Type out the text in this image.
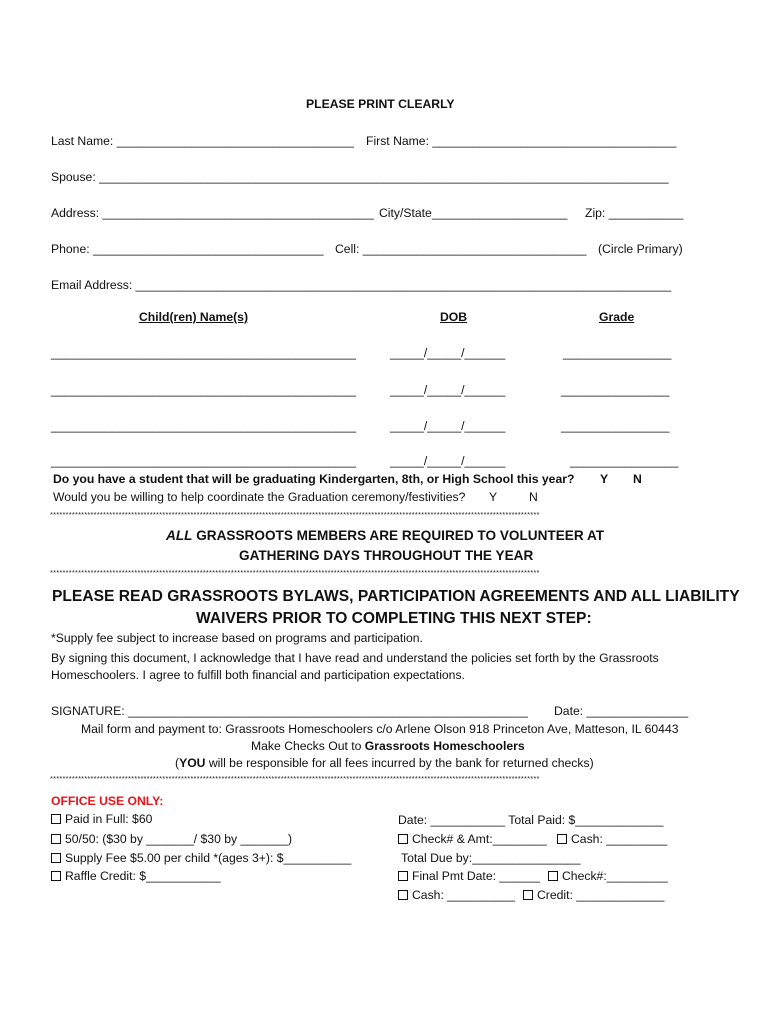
PLEASE PRINT CLEARLY
Last Name: ___________________________________ First Name: ____________________________________
Spouse: ____________________________________________________________________________________
Address: ________________________________________ City/State____________________ Zip: ___________
Phone: __________________________________ Cell: _________________________________ (Circle Primary)
Email Address: _______________________________________________________________________________
Child(ren) Name(s)	DOB	Grade
_____________________________________________	_____/_____/______	________________
_____________________________________________	_____/_____/______	________________
_____________________________________________	_____/_____/______	________________
_____________________________________________	_____/_____/______	________________
Do you have a student that will be graduating Kindergarten, 8th, or High School this year? Y N
Would you be willing to help coordinate the Graduation ceremony/festivities? Y	N
*************************************************************************************************************************************************************
ALL GRASSROOTS MEMBERS ARE REQUIRED TO VOLUNTEER AT
GATHERING DAYS THROUGHOUT THE YEAR
*************************************************************************************************************************************************************
PLEASE READ GRASSROOTS BYLAWS, PARTICIPATION AGREEMENTS AND ALL LIABILITY
WAIVERS PRIOR TO COMPLETING THIS NEXT STEP:
*Supply fee subject to increase based on programs and participation.
By signing this document, I acknowledge that I have read and understand the policies set forth by the Grassroots
Homeschoolers. I agree to fulfill both financial and participation expectations.
SIGNATURE: ___________________________________________________________ Date: _______________
Mail form and payment to: Grassroots Homeschoolers c/o Arlene Olson 918 Princeton Ave, Matteson, IL 60443
Make Checks Out to Grassroots Homeschoolers
(YOU will be responsible for all fees incurred by the bank for returned checks)
*************************************************************************************************************************************************************
OFFICE USE ONLY:
Paid in Full: $60
50/50: ($30 by _______/ $30 by _______)
Supply Fee $5.00 per child *(ages 3+): $__________
Raffle Credit: $___________
Date: ___________ Total Paid: $_____________
Check# & Amt:________	Cash: _________
Total Due by:________________
Final Pmt Date: ______	Check#:_________
Cash: __________	Credit: _____________
